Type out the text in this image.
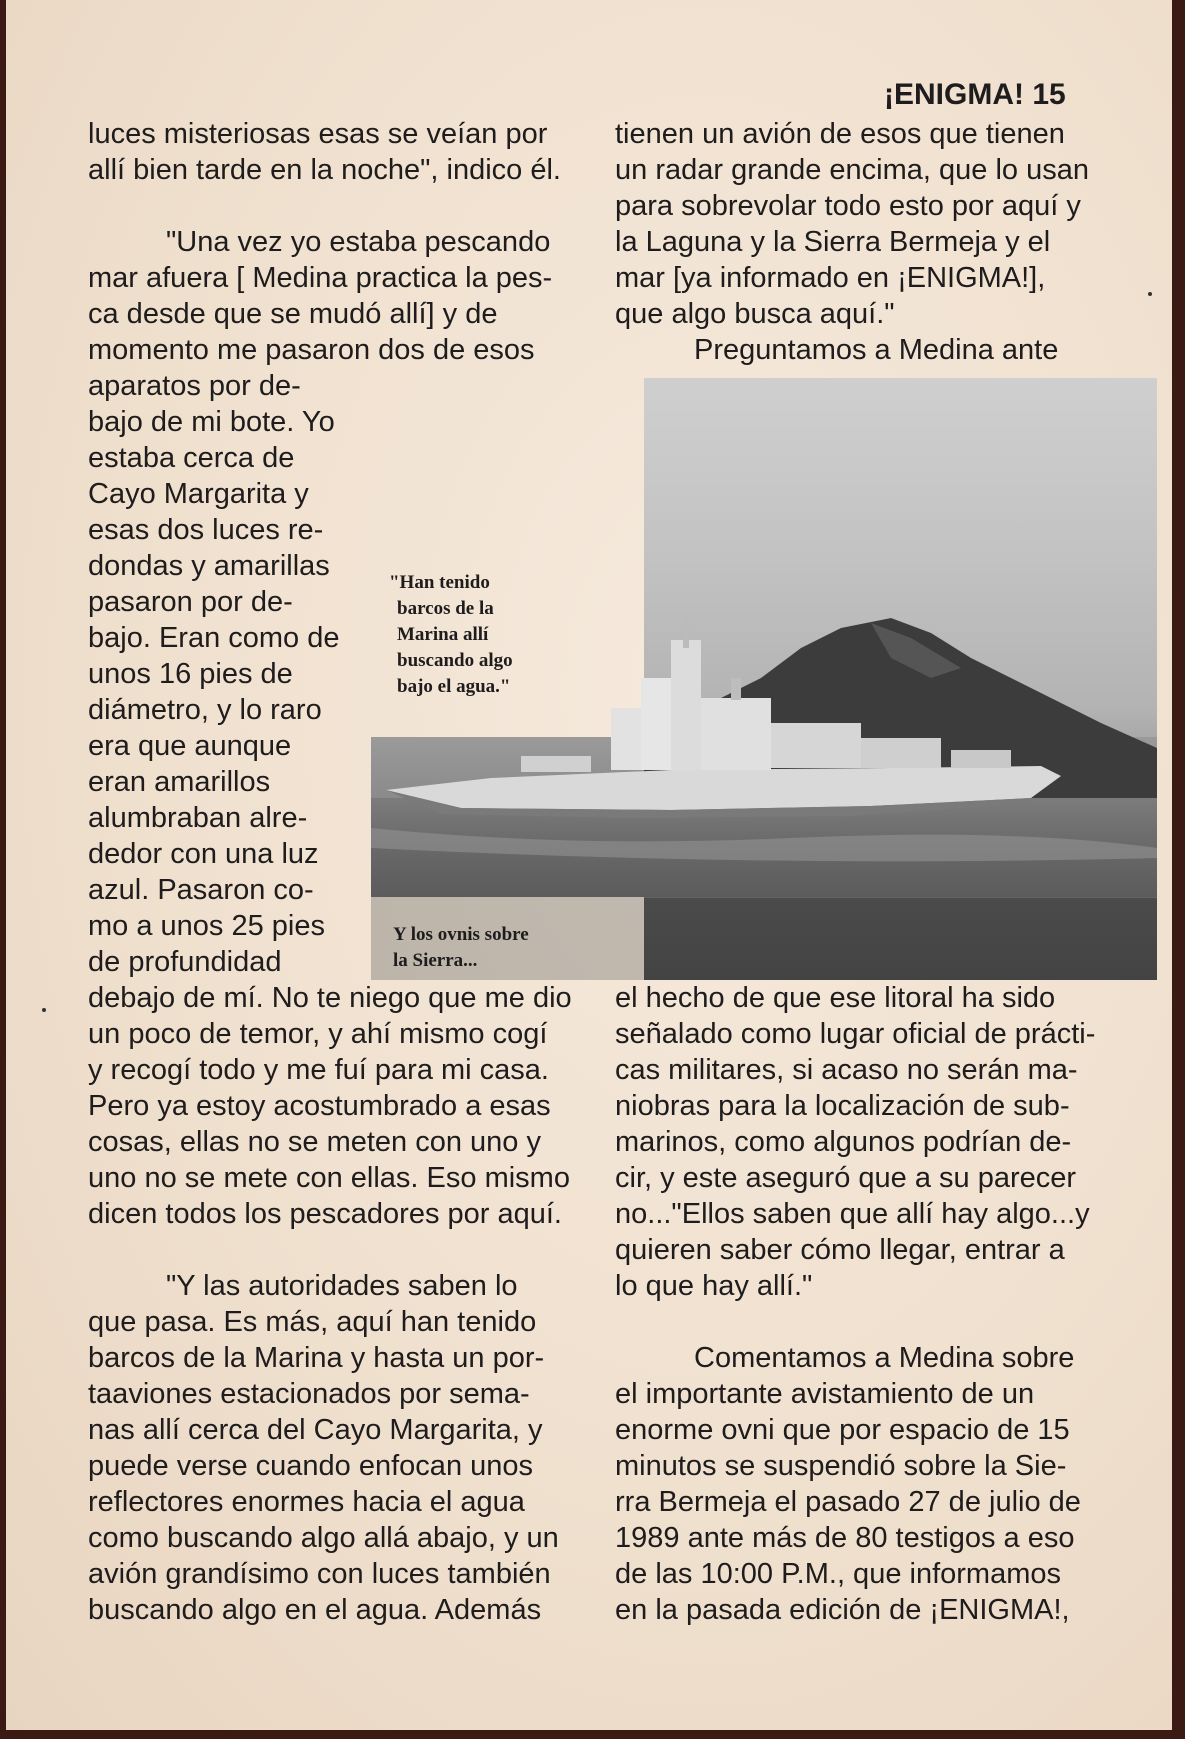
¡ENIGMA! 15

"Han tenido

barcos de la

Marina allí

buscando algo

bajo el agua."

Y los ovnis sobre

la Sierra...

luces misteriosas esas se veían por

allí bien tarde en la noche", indico él.

"Una vez yo estaba pescando

mar afuera [ Medina practica la pes-

ca desde que se mudó allí] y de

momento me pasaron dos de esos

aparatos por de-

bajo de mi bote. Yo

estaba cerca de

Cayo Margarita y

esas dos luces re-

dondas y amarillas

pasaron por de-

bajo. Eran como de

unos 16 pies de

diámetro, y lo raro

era que aunque

eran amarillos

alumbraban alre-

dedor con una luz

azul. Pasaron co-

mo a unos 25 pies

de profundidad

debajo de mí. No te niego que me dio

un poco de temor, y ahí mismo cogí

y recogí todo y me fuí para mi casa.

Pero ya estoy acostumbrado a esas

cosas, ellas no se meten con uno y

uno no se mete con ellas. Eso mismo

dicen todos los pescadores por aquí.

"Y las autoridades saben lo

que pasa. Es más, aquí han tenido

barcos de la Marina y hasta un por-

taaviones estacionados por sema-

nas allí cerca del Cayo Margarita, y

puede verse cuando enfocan unos

reflectores enormes hacia el agua

como buscando algo allá abajo, y un

avión grandísimo con luces también

buscando algo en el agua. Además

tienen un avión de esos que tienen

un radar grande encima, que lo usan

para sobrevolar todo esto por aquí y

la Laguna y la Sierra Bermeja y el

mar [ya informado en ¡ENIGMA!],

que algo busca aquí."

Preguntamos a Medina ante

el hecho de que ese litoral ha sido

señalado como lugar oficial de prácti-

cas militares, si acaso no serán ma-

niobras para la localización de sub-

marinos, como algunos podrían de-

cir, y este aseguró que a su parecer

no..."Ellos saben que allí hay algo...y

quieren saber cómo llegar, entrar a

lo que hay allí."

Comentamos a Medina sobre

el importante avistamiento de un

enorme ovni que por espacio de 15

minutos se suspendió sobre la Sie-

rra Bermeja el pasado 27 de julio de

1989 ante más de 80 testigos a eso

de las 10:00 P.M., que informamos

en la pasada edición de ¡ENIGMA!,
